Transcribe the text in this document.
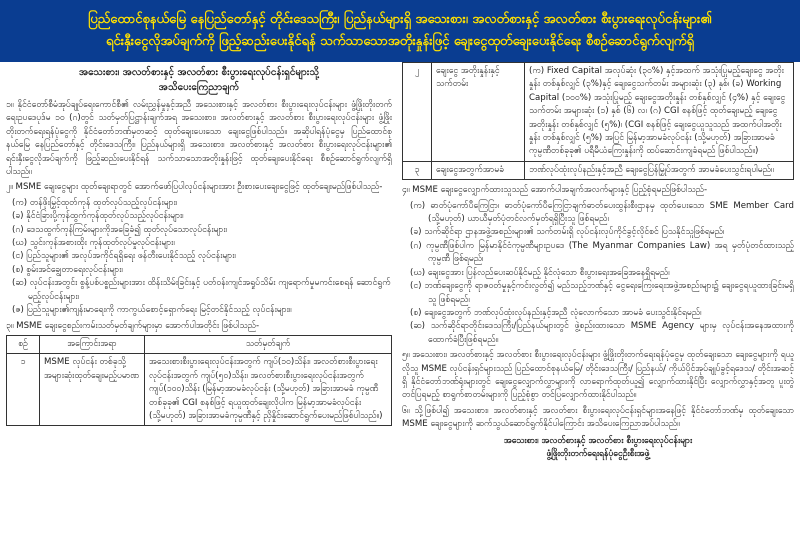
ပြည်ထောင်စုနယ်မြေ နေပြည်တော်နှင့် တိုင်းဒေသကြီး၊ ပြည်နယ်များရှိ အသေးစား၊ အလတ်စားနှင့် အလတ်စား စီးပွားရေးလုပ်ငန်းများ၏
ရင်းနှီးငွေလိုအပ်ချက်ကို ဖြည့်ဆည်းပေးနိုင်ရန် သက်သာသောအတိုးနှုန်းဖြင့် ချေးငွေထုတ်ချေးပေးနိုင်ရေး စီစဉ်ဆောင်ရွက်လျက်ရှိ
အသေးစား၊ အလတ်စားနှင့် အလတ်စား စီးပွားရေးလုပ်ငန်းရှင်များသို့
အသိပေးကြေညာချက်
၁။ နိုင်ငံတော်စီမံအုပ်ချုပ်ရေးကောင်စီ၏ လမ်းညွှန်မှုနှင့်အညီ အသေးစားနှင့် အလတ်စား စီးပွားရေးလုပ်ငန်းများ ဖွံ့ဖြိုးတိုးတက်ရေးဥပဒေပုဒ်မ ၁၀ (ဂ)တွင် သတ်မှတ်ပြဋ္ဌာန်းချက်အရ အသေးစား၊ အလတ်စားနှင့် အလတ်စား စီးပွားရေးလုပ်ငန်းများ ဖွံ့ဖြိုးတိုးတက်ရေးရန်ပုံငွေကို နိုင်ငံတော်ဘဏ်မှတဆင့် ထုတ်ချေးပေးသော ချေးငွေဖြစ်ပါသည်။ အဆိုပါရန်ပုံငွေမှ ပြည်ထောင်စုနယ်မြေ နေပြည်တော်နှင့် တိုင်းဒေသကြီး၊ ပြည်နယ်များရှိ အသေးစား၊ အလတ်စားနှင့် အလတ်စား စီးပွားရေးလုပ်ငန်းများ၏ ရင်းနှီးငွေလိုအပ်ချက်ကို ဖြည့်ဆည်းပေးနိုင်ရန် သက်သာသောအတိုးနှုန်းဖြင့် ထုတ်ချေးပေးနိုင်ရေး စီစဉ်ဆောင်ရွက်လျက်ရှိပါသည်။
၂။ MSME ချေးငွေများ ထုတ်ချေးရာတွင် အောက်ဖော်ပြပါလုပ်ငန်းများအား ဦးစားပေးချေးငွေဖြင့် ထုတ်ချေးမည်ဖြစ်ပါသည်-
(က) တန်ဖိုးမြှင့်ထုတ်ကုန် ထုတ်လုပ်သည့်လုပ်ငန်းများ၊
(ခ) နိုင်ငံခြားပို့ကုန်ထွက်ကုန်ထုတ်လုပ်သည့်လုပ်ငန်းများ၊
(ဂ) ဒေသထွက်ကုန်ကြမ်းများကိုအခြေခံ၍ ထုတ်လုပ်သောလုပ်ငန်းများ၊
(ဃ) သွင်းကုန်အစားထိုး ကုန်ထုတ်လုပ်မှုလုပ်ငန်းများ၊
(င) ပြည်သူများ၏ အလုပ်အကိုင်ရရှိရေး ဖန်တီးပေးနိုင်သည့် လုပ်ငန်းများ၊
(စ) စွမ်းအင်ချွေတာရေးလုပ်ငန်းများ၊
(ဆ) လုပ်ငန်းအတွင်း စွန့်ပစ်ပစ္စည်းများအား ထိန်းသိမ်းခြင်းနှင့် ပတ်ဝန်းကျင်အရှုပ်သိမ်း ကျရောက်မှုမကင်းစေရန် ဆောင်ရွက်မည့်လုပ်ငန်းများ၊
(ဇ) ပြည်သူများ၏ကျန်းမာရေးကို ကာကွယ်စောင့်ရှောက်ရေး မြင့်တင်နိုင်သည့် လုပ်ငန်းများ။
၃။ MSME ချေးငွေစည်းကမ်းသတ်မှတ်ချက်များမှာ အောက်ပါအတိုင်း ဖြစ်ပါသည်-
စဉ်	အကြောင်းအရာ	သတ်မှတ်ချက်
၁	MSME လုပ်ငန်း တစ်ခုသို့ အများဆုံးထုတ်ချေးမည့်ပမာဏ	အသေးစားစီးပွားရေးလုပ်ငန်းအတွက် ကျပ်(၁၀)သိန်း၊ အလတ်စားစီးပွားရေးလုပ်ငန်းအတွက် ကျပ်(၅၀)သိန်း၊ အလတ်စားစီးပွားရေးလုပ်ငန်းအတွက် ကျပ်(၁၀၀)သိန်း (မြန်မာ့အာမခံလုပ်ငန်း (သို့မဟုတ်) အခြားအာမခံ ကုမ္ပဏီတစ်ခုခု၏ CGI စနစ်ဖြင့် ရယူထုတ်ချေးလိုပါက မြန်မာ့အာမခံလုပ်ငန်း (သို့မဟုတ်) အခြားအာမခံကုမ္ပဏီနှင့် ညှိနှိုင်းဆောင်ရွက်ပေးမည်ဖြစ်ပါသည်။)
၂	ချေးငွေ အတိုးနှုန်းနှင့် သက်တမ်း	(က) Fixed Capital အလုပ်ဆုံး (၃၀%) နှင့်အထက် အသုံးပြုမည့်ချေးငွေ အတိုးနှုန်း တစ်နှစ်လျှင် (၃%)နှင့် ချေးငွေသက်တမ်း အများဆုံး (၃) နှစ်၊ (ခ) Working Capital (၁၀၀%) အသုံးပြုမည့် ချေးငွေအတိုးနှုန်း တစ်နှစ်လျှင် (၄%) နှင့် ချေးငွေသက်တမ်း အများဆုံး (၁) နှစ် (၆) လ၊ (ဂ) CGI စနစ်ဖြင့် ထုတ်ချေးမည့် ချေးငွေအတိုးနှုန်း တစ်နှစ်လျှင် (၅%)၊ (CGI စနစ်ဖြင့် ချေးငွေယူသူသည် အထက်ပါအတိုးနှုန်း တစ်နှစ်လျှင် (၅%) အပြင် မြန်မာ့အာမခံလုပ်ငန်း (သို့မဟုတ်) အခြားအာမခံကုမ္ပဏီတစ်ခုခု၏ ပရီမီယံကြေးနှုန်းကို ထပ်ဆောင်းကျခံရမည် ဖြစ်ပါသည်။)
၃	ချေးငွေအတွက်အာမခံ	ဘဏ်လုပ်ထုံးလုပ်နည်းနှင့်အညီ ချေးငွေပြန်မြှုပ်အတွက် အာမခံပေးသွင်းရပါမည်။
၄။ MSME ချေးငွေလျှောက်ထားသူသည် အောက်ပါအချက်အလက်များနှင့် ပြည့်စုံရမည်ဖြစ်ပါသည်-
(က) ဓာတ်ပုံကော်ပီကြေငြာ၊ ဓာတ်ပုံကော်ပီကြေငြာချက်ဓာတ်ပေးထွန်းစီးဌာနမှ ထုတ်ပေးသော SME Member Card (သို့မဟုတ်) ယာယီမှတ်ပုံတင်လက်မှတ်ရရှိပြီးသူ ဖြစ်ရမည်၊
(ခ) သက်ဆိုင်ရာ ဌာနအဖွဲ့အစည်းများ၏ သက်တမ်းရှိ လုပ်ငန်းလုပ်ကိုင်ခွင့်လိုင်စင် ပြသနိုင်သူဖြစ်ရမည်၊
(ဂ) ကုမ္ပဏီဖြစ်ပါက မြန်မာနိုင်ငံကုမ္ပဏီများဥပဒေ (The Myanmar Companies Law) အရ မှတ်ပုံတင်ထားသည့်ကုမ္ပဏီ ဖြစ်ရမည်၊
(ဃ) ချေးငွေအား ပြန်လည်ပေးဆပ်နိုင်မည့် နိုင်လုံသော စီးပွားရေးအခြေအနေရှိရမည်၊
(င) ဘဏ်ချေးငွေကို ရာဇဝတ်မှုနှင့်ကင်းလွတ်၍ မည်သည့်ဘဏ်နှင့် ငွေရေးကြေးရေးအဖွဲ့အစည်းများ၌ ချေးငွေရယူထားခြင်းမရှိသူ ဖြစ်ရမည်၊
(စ) ချေးငွေအတွက် ဘဏ်လုပ်ထုံးလုပ်နည်းနှင့်အညီ လုံလောက်သော အာမခံ ပေးသွင်းနိုင်ရမည်၊
(ဆ) သက်ဆိုင်ရာတိုင်းဒေသကြီး/ပြည်နယ်များတွင် ဖွဲ့စည်းထားသော MSME Agency များမှ လုပ်ငန်းအနေအထားကို ထောက်ခံပြီးဖြစ်ရမည်။
၅။ အသေးစား၊ အလတ်စားနှင့် အလတ်စား စီးပွားရေးလုပ်ငန်းများ ဖွံ့ဖြိုးတိုးတက်ရေးရန်ပုံငွေမှ ထုတ်ချေးသော ချေးငွေများကို ရယူလိုသူ MSME လုပ်ငန်းရှင်များသည် ပြည်ထောင်စုနယ်မြေ/ တိုင်းဒေသကြီး/ ပြည်နယ်/ ကိုယ်ပိုင်အုပ်ချုပ်ခွင့်ရဒေသ/ တိုင်းအဆင့်ရှိ နိုင်ငံတော်ဘဏ်ရုံးများတွင် ချေးငွေလျှောက်လွှာများကို လာရောက်ထုတ်ယူ၍ လျှောက်ထားနိုင်ပြီး လျှောက်လွှာနှင့်အတူ ပူးတွဲတင်ပြရမည့် စာရွက်စာတမ်းများကို ပြည့်စုံစွာ တင်ပြလျှောက်ထားနိုင်ပါသည်။
၆။ သို့ဖြစ်ပါ၍ အသေးစား၊ အလတ်စားနှင့် အလတ်စား စီးပွားရေးလုပ်ငန်းရှင်များအနေဖြင့် နိုင်ငံတော်ဘဏ်မှ ထုတ်ချေးသော MSME ချေးငွေများကို ဆက်သွယ်ဆောင်ရွက်နိုင်ပါကြောင်း အသိပေးကြေညာအပ်ပါသည်။
အသေးစား၊ အလတ်စားနှင့် အလတ်စား စီးပွားရေးလုပ်ငန်းများ
ဖွံ့ဖြိုးတိုးတက်ရေးရန်ပုံငွေဦးစီးအဖွဲ့
